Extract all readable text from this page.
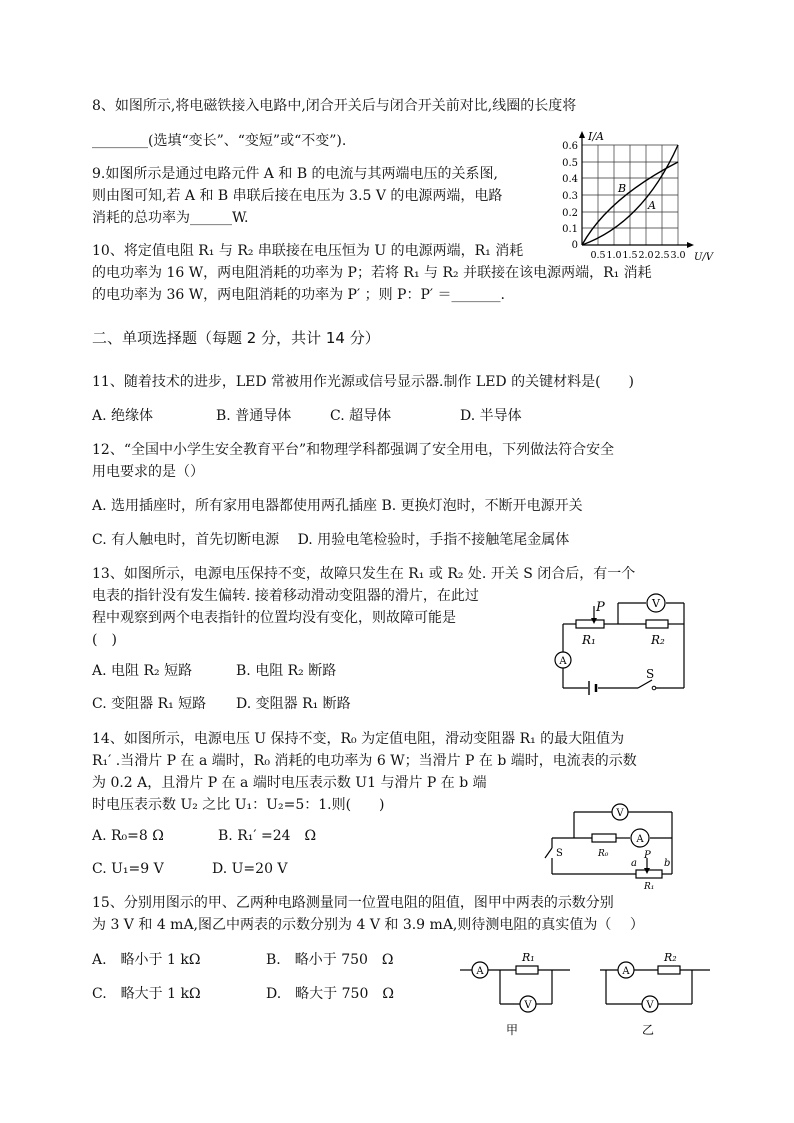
8、如图所示,将电磁铁接入电路中,闭合开关后与闭合开关前对比,线圈的长度将
________(选填“变长”、“变短”或“不变”).
9.如图所示是通过电路元件 A 和 B 的电流与其两端电压的关系图,
则由图可知,若 A 和 B 串联后接在电压为 3.5 V 的电源两端，电路
消耗的总功率为______W.
I/A
U/V
0.6
0.5
0.4
0.3
0.2
0.1
0
0.5 1.0 1.5 2.0 2.5 3.0
B
A
10、将定值电阻 R₁ 与 R₂ 串联接在电压恒为 U 的电源两端，R₁ 消耗
的电功率为 16 W，两电阻消耗的功率为 P；若将 R₁ 与 R₂ 并联接在该电源两端，R₁ 消耗
的电功率为 36 W，两电阻消耗的功率为 P′ ；则 P：P′ ＝_______.
二、单项选择题（每题 2 分，共计 14 分）
11、随着技术的进步，LED 常被用作光源或信号显示器.制作 LED 的关键材料是(　　)
A. 绝缘体	B. 普通导体	C. 超导体	D. 半导体
12、“全国中小学生安全教育平台”和物理学科都强调了安全用电，下列做法符合安全
用电要求的是（）
A. 选用插座时，所有家用电器都使用两孔插座 B. 更换灯泡时，不断开电源开关
C. 有人触电时，首先切断电源　 D. 用验电笔检验时，手指不接触笔尾金属体
13、如图所示，电源电压保持不变，故障只发生在 R₁ 或 R₂ 处. 开关 S 闭合后，有一个
电表的指针没有发生偏转. 接着移动滑动变阻器的滑片，在此过
程中观察到两个电表指针的位置均没有变化，则故障可能是
(　)
A. 电阻 R₂ 短路	B. 电阻 R₂ 断路
C. 变阻器 R₁ 短路 D. 变阻器 R₁ 断路
V
A
P
R₁	R₂
S
14、如图所示，电源电压 U 保持不变，R₀ 为定值电阻，滑动变阻器 R₁ 的最大阻值为
R₁′ .当滑片 P 在 a 端时，R₀ 消耗的电功率为 6 W；当滑片 P 在 b 端时，电流表的示数
为 0.2 A，且滑片 P 在 a 端时电压表示数 U1 与滑片 P 在 b 端
时电压表示数 U₂ 之比 U₁：U₂=5：1.则(　　)
A. R₀=8 Ω	B. R₁′ =24　Ω
C. U₁=9 V	D. U=20 V
V
A
R₀
S
a
P
b
R₁
15、分别用图示的甲、乙两种电路测量同一位置电阻的阻值，图甲中两表的示数分别
为 3 V 和 4 mA,图乙中两表的示数分别为 4 V 和 3.9 mA,则待测电阻的真实值为（　 ）
A.　略小于 1 kΩ	B.　略小于 750　Ω
C.　略大于 1 kΩ	D.　略大于 750　Ω
A
R₁
V
甲
A
R₂
V
乙
